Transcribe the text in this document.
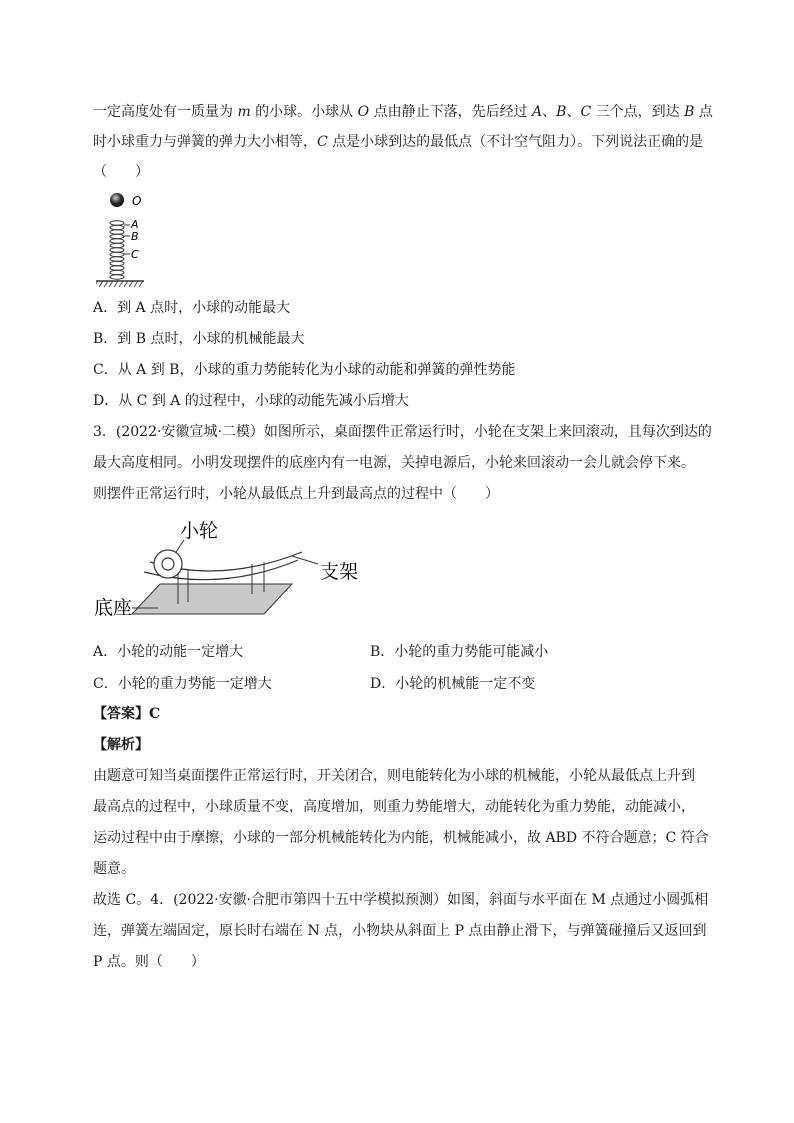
一定高度处有一质量为 m 的小球。小球从 O 点由静止下落，先后经过 A、B、C 三个点，到达 B 点
时小球重力与弹簧的弹力大小相等，C 点是小球到达的最低点（不计空气阻力）。下列说法正确的是
（　　）
O
A
B
C
A．到 A 点时，小球的动能最大
B．到 B 点时，小球的机械能最大
C．从 A 到 B，小球的重力势能转化为小球的动能和弹簧的弹性势能
D．从 C 到 A 的过程中，小球的动能先减小后增大
3．(2022·安徽宣城·二模）如图所示，桌面摆件正常运行时，小轮在支架上来回滚动，且每次到达的
最大高度相同。小明发现摆件的底座内有一电源，关掉电源后，小轮来回滚动一会儿就会停下来。
则摆件正常运行时，小轮从最低点上升到最高点的过程中（　　）
小轮
支架
底座
A．小轮的动能一定增大	B．小轮的重力势能可能减小
C．小轮的重力势能一定增大	D．小轮的机械能一定不变
【答案】C
【解析】
由题意可知当桌面摆件正常运行时，开关闭合，则电能转化为小球的机械能，小轮从最低点上升到
最高点的过程中，小球质量不变，高度增加，则重力势能增大，动能转化为重力势能，动能减小，
运动过程中由于摩擦，小球的一部分机械能转化为内能，机械能减小，故 ABD 不符合题意；C 符合
题意。
故选 C。4．(2022·安徽·合肥市第四十五中学模拟预测）如图，斜面与水平面在 M 点通过小圆弧相
连，弹簧左端固定，原长时右端在 N 点，小物块从斜面上 P 点由静止滑下，与弹簧碰撞后又返回到
P 点。则（　　）
